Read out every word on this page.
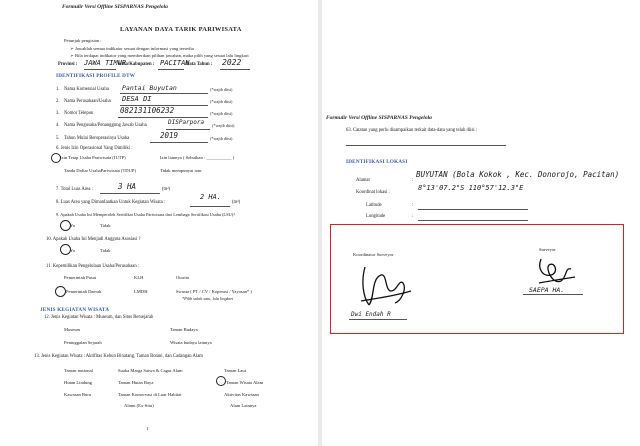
Formulir Versi Offline SISPARNAS Pengelola
LAYANAN DAYA TARIK PARIWISATA
Petunjuk pengisian :
➢ Jawablah semua indikator sesuai dengan informasi yang tersedia
➢ Bila terdapat indikator yang memberikan pilihan jawaban, maka pilih yang sesuai lalu lingkari
Provinsi : JAWA TIMUR
Kota/Kabupaten : PACITAN
Data Tahun : 2022
IDENTIFIKASI PROFILE DTW
1. Nama Komersial Usaha Pantai Buyutan	(*wajib diisi)
2. Nama Perusahaan/Usaha DESA DI	(*wajib diisi)
3. Nomor Telepon	082131106232	(*wajib diisi)
4. Nama Pengusaha/Penanggung Jawab Usaha	DISParpora (*wajib diisi)
5. Tahun Mulai Beroperasinya Usaha	2019	(*wajib diisi)
6. Jenis Izin Operasional Yang Dimiliki :
Izin Tetap Usaha Pariwisata (IUTP)	Izin lainnya ( Sebutkan : ___________ )
Tanda Daftar UsahaPariwisata (TDUP)	Tidak mempunyai izin
7. Total Luas Area :	3 HA	(m²)
8. Luas Area yang Dimanfaatkan Untuk Kegiatan Wisata :
2 HA.
(m²)
9. Apakah Usaha Ini Memperoleh Sertifikat Usaha Pariwisata dari Lembaga Sertifikasi Usaha (LSU)?
Ya	Tidak
10. Apakah Usaha Ini Menjadi Anggota Asosiasi ?
Ya	Tidak
11. Kepemilikan Pengelolaan Usaha/Perusahaan :
Pemerintah Pusat	KLH	Otorita
Pemerintah Daerah	LMDH	Swasta ( PT / CV / Koperasi / Yayasan* )
*Pilih salah satu, lalu lingkari
JENIS KEGIATAN WISATA
12. Jenis Kegiatan Wisata : Museum, dan Situs Bersejarah
Museum	Taman Budaya
Peninggalan Sejarah	Wisata budaya lainnya
13. Jenis Kegiatan Wisata : Aktifitas Kebun Binatang, Taman Botani, dan Cadangan Alam
Taman nasional	Suaka Marga Satwa & Cagar Alam	Taman Laut
Hutan Lindung	Taman Hutan Raya	Taman Wisata Alam
Kawasan Buru	Taman Konservasi di Luar Habitat	Aktivitas Kawasan
Alami (Ex-Situ)	Alam Lainnya
1
Formulir Versi Offline SISPARNAS Pengelola
63. Catatan yang perlu disampaikan terkait data-data yang telah diisi :
IDENTIFIKASI LOKASI
Alamat	:
BUYUTAN (Bola Kokok , Kec. Donorojo, Pacitan)
Koordinat lokasi :
8°13'07.2"S 110°57'12.3"E
Latitude	:
Longitude	:
Koordinator Surveyor
Surveyor
Dwi Endah R
SAEPA HA.
